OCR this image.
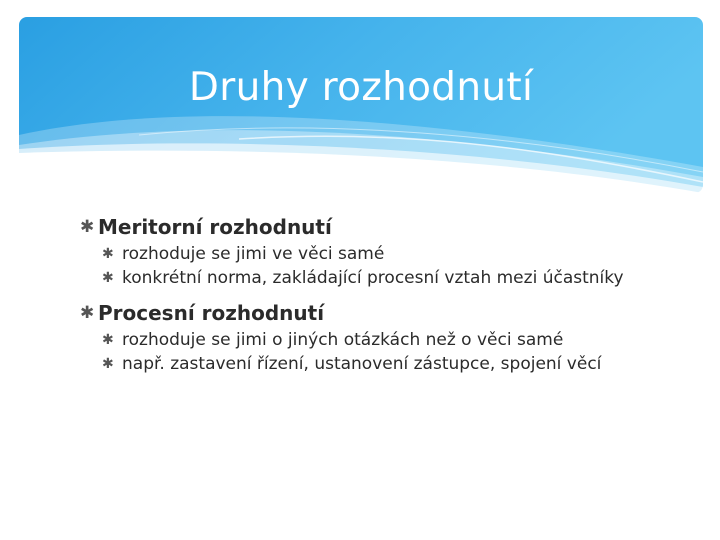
Druhy rozhodnutí
✱ Meritorní rozhodnutí
✱ rozhoduje se jimi ve věci samé
✱ konkrétní norma, zakládající procesní vztah mezi účastníky
✱ Procesní rozhodnutí
✱ rozhoduje se jimi o jiných otázkách než o věci samé
✱ např. zastavení řízení, ustanovení zástupce, spojení věcí
